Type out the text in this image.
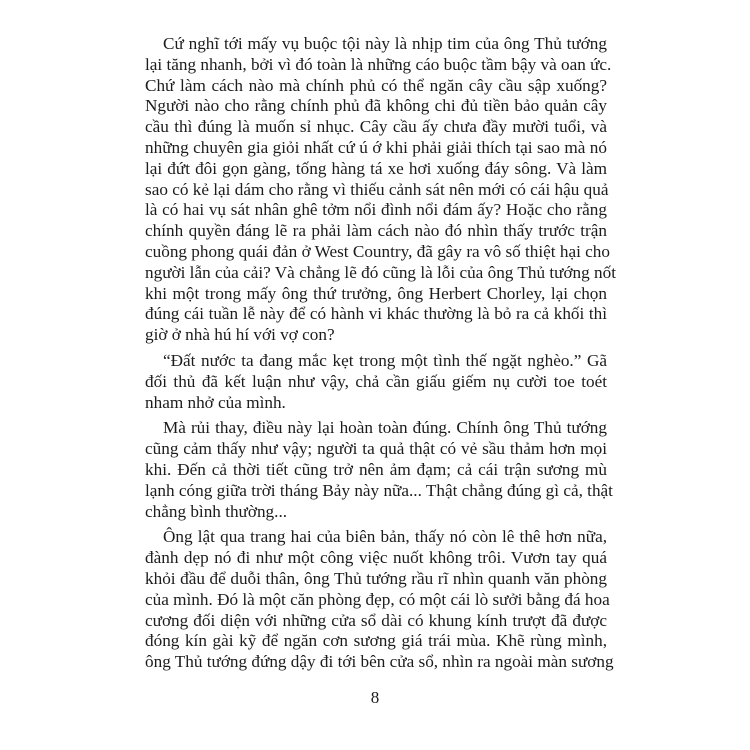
Cứ nghĩ tới mấy vụ buộc tội này là nhịp tim của ông Thủ tướng
lại tăng nhanh, bởi vì đó toàn là những cáo buộc tầm bậy và oan ức.
Chứ làm cách nào mà chính phủ có thể ngăn cây cầu sập xuống?
Người nào cho rằng chính phủ đã không chi đủ tiền bảo quản cây
cầu thì đúng là muốn sỉ nhục. Cây cầu ấy chưa đầy mười tuổi, và
những chuyên gia giỏi nhất cứ ú ớ khi phải giải thích tại sao mà nó
lại đứt đôi gọn gàng, tống hàng tá xe hơi xuống đáy sông. Và làm
sao có kẻ lại dám cho rằng vì thiếu cảnh sát nên mới có cái hậu quả
là có hai vụ sát nhân ghê tởm nổi đình nổi đám ấy? Hoặc cho rằng
chính quyền đáng lẽ ra phải làm cách nào đó nhìn thấy trước trận
cuồng phong quái đản ở West Country, đã gây ra vô số thiệt hại cho
người lẫn của cải? Và chẳng lẽ đó cũng là lỗi của ông Thủ tướng nốt
khi một trong mấy ông thứ trưởng, ông Herbert Chorley, lại chọn
đúng cái tuần lễ này để có hành vi khác thường là bỏ ra cả khối thì
giờ ở nhà hú hí với vợ con?
“Đất nước ta đang mắc kẹt trong một tình thế ngặt nghèo.” Gã
đối thủ đã kết luận như vậy, chả cần giấu giếm nụ cười toe toét
nham nhở của mình.
Mà rủi thay, điều này lại hoàn toàn đúng. Chính ông Thủ tướng
cũng cảm thấy như vậy; người ta quả thật có vẻ sầu thảm hơn mọi
khi. Đến cả thời tiết cũng trở nên ảm đạm; cả cái trận sương mù
lạnh cóng giữa trời tháng Bảy này nữa... Thật chẳng đúng gì cả, thật
chẳng bình thường...
Ông lật qua trang hai của biên bản, thấy nó còn lê thê hơn nữa,
đành dẹp nó đi như một công việc nuốt không trôi. Vươn tay quá
khỏi đầu để duỗi thân, ông Thủ tướng rầu rĩ nhìn quanh văn phòng
của mình. Đó là một căn phòng đẹp, có một cái lò sưởi bằng đá hoa
cương đối diện với những cửa sổ dài có khung kính trượt đã được
đóng kín gài kỹ để ngăn cơn sương giá trái mùa. Khẽ rùng mình,
ông Thủ tướng đứng dậy đi tới bên cửa sổ, nhìn ra ngoài màn sương
8
